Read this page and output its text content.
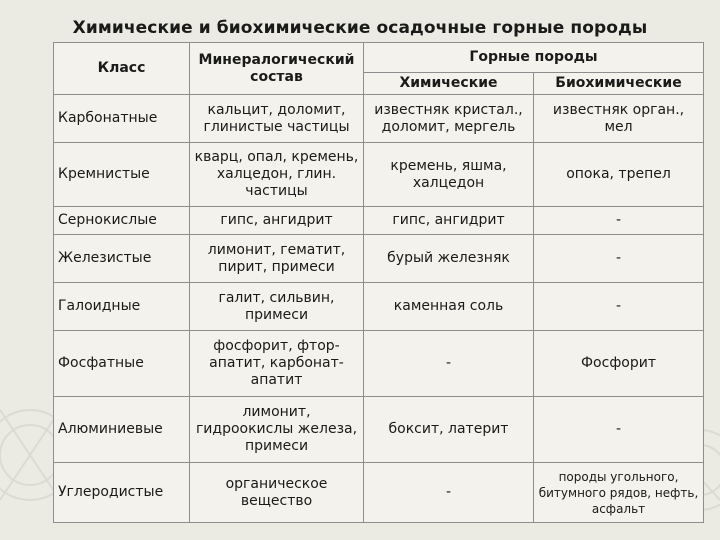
Химические и биохимические осадочные горные породы
Класс	Минералогический состав	Горные породы	
		Химические	Биохимические
Карбонатные	кальцит, доломит, глинистые частицы	известняк кристал., доломит, мергель	известняк орган., мел
Кремнистые	кварц, опал, кремень, халцедон, глин. частицы	кремень, яшма, халцедон	опока, трепел
Сернокислые	гипс, ангидрит	гипс, ангидрит	-
Железистые	лимонит, гематит, пирит, примеси	бурый железняк	-
Галоидные	галит, сильвин, примеси	каменная соль	-
Фосфатные	фосфорит, фтор-апатит, карбонат-апатит	-	Фосфорит
Алюминиевые	лимонит, гидроокислы железа, примеси	боксит, латерит	-
Углеродистые	органическое вещество	-	породы угольного, битумного рядов, нефть, асфальт
